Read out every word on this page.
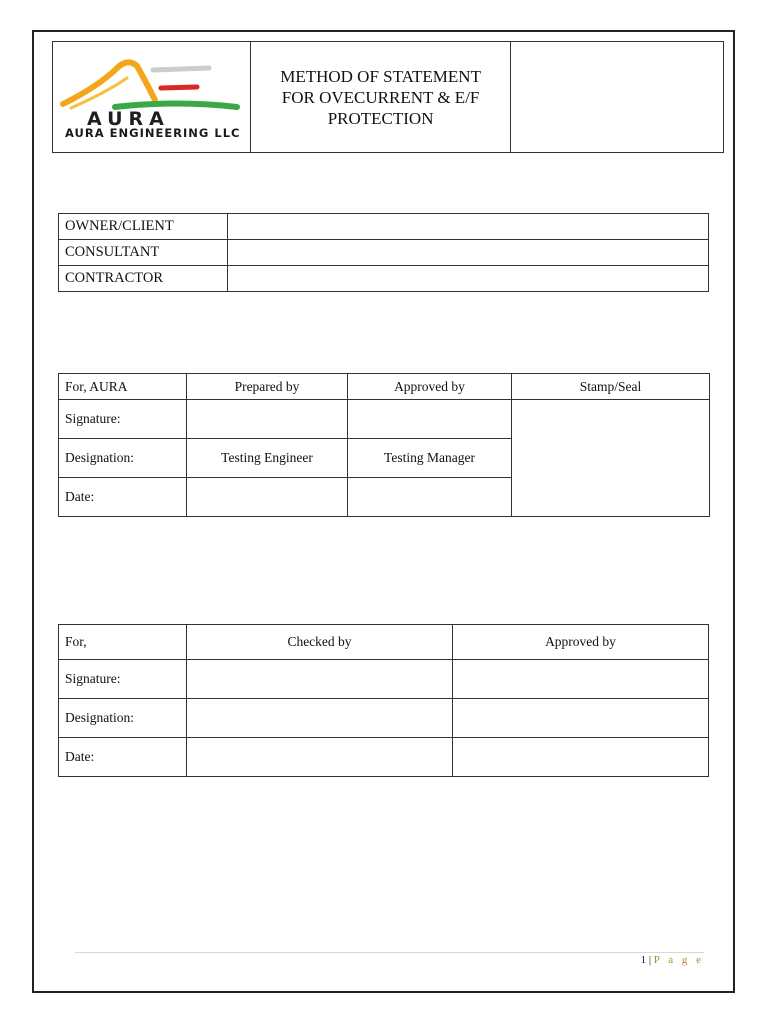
AURA
AURA ENGINEERING LLC

METHOD OF STATEMENT
FOR OVECURRENT & E/F
PROTECTION

OWNER/CLIENT	
CONSULTANT	
CONTRACTOR	
For, AURA	Prepared by	Approved by	Stamp/Seal
Signature:			
Designation:	Testing Engineer	Testing Manager	
Date:			
For,	Checked by	Approved by
Signature:		
Designation:		
Date:		
1 | P a g e
